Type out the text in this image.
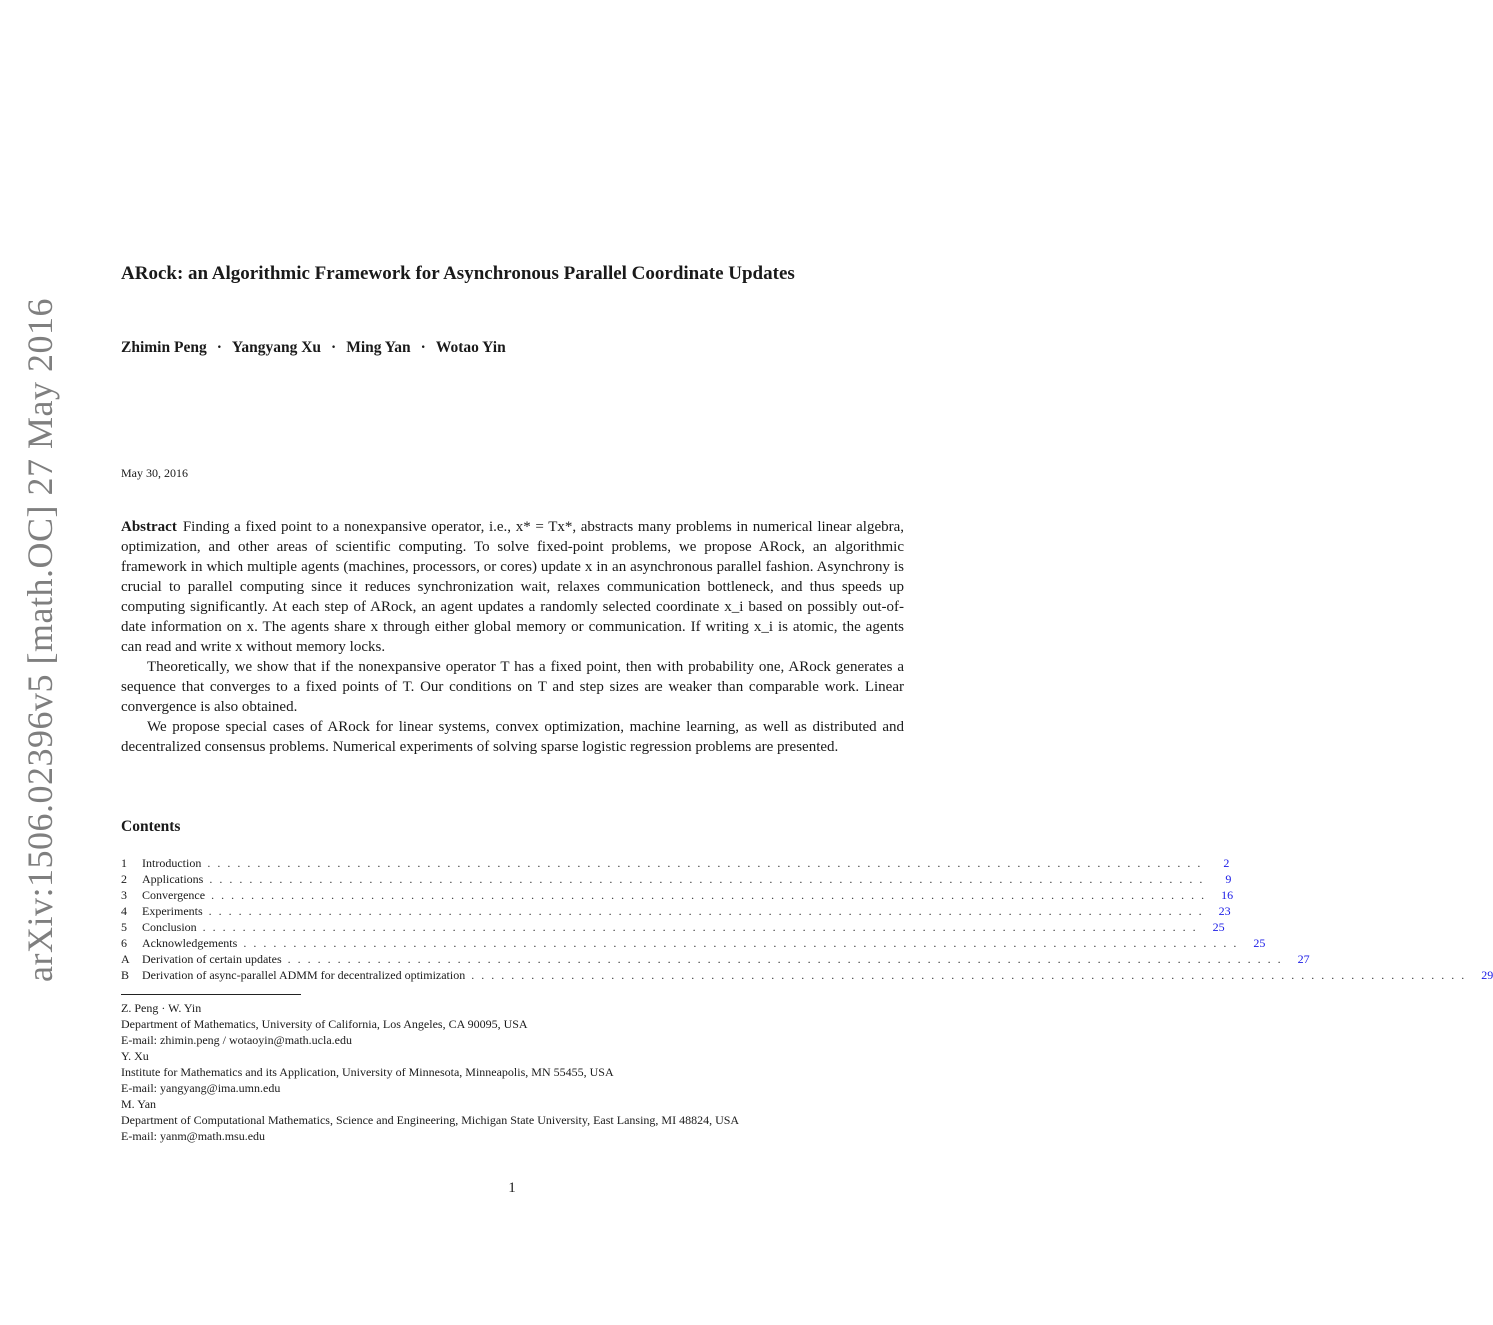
arXiv:1506.02396v5 [math.OC] 27 May 2016
ARock: an Algorithmic Framework for Asynchronous Parallel Coordinate Updates
Zhimin Peng · Yangyang Xu · Ming Yan · Wotao Yin
May 30, 2016

Abstract Finding a fixed point to a nonexpansive operator, i.e., x* = Tx*, abstracts many problems in numerical linear algebra, optimization, and other areas of scientific computing. To solve fixed-point problems, we propose ARock, an algorithmic framework in which multiple agents (machines, processors, or cores) update x in an asynchronous parallel fashion. Asynchrony is crucial to parallel computing since it reduces synchronization wait, relaxes communication bottleneck, and thus speeds up computing significantly. At each step of ARock, an agent updates a randomly selected coordinate x_i based on possibly out-of-date information on x. The agents share x through either global memory or communication. If writing x_i is atomic, the agents can read and write x without memory locks.

Theoretically, we show that if the nonexpansive operator T has a fixed point, then with probability one, ARock generates a sequence that converges to a fixed points of T. Our conditions on T and step sizes are weaker than comparable work. Linear convergence is also obtained.

We propose special cases of ARock for linear systems, convex optimization, machine learning, as well as distributed and decentralized consensus problems. Numerical experiments of solving sparse logistic regression problems are presented.

Contents
1	Introduction ....................................................................................................	2
2	Applications ....................................................................................................	9
3	Convergence .................................................................................................... 16
4	Experiments .................................................................................................... 23
5	Conclusion .................................................................................................... 25
6	Acknowledgements .................................................................................................... 25
A	Derivation of certain updates .................................................................................................... 27
B	Derivation of async-parallel ADMM for decentralized optimization .................................................................................................... 29
Z. Peng · W. Yin
Department of Mathematics, University of California, Los Angeles, CA 90095, USA
E-mail: zhimin.peng / wotaoyin@math.ucla.edu
Y. Xu
Institute for Mathematics and its Application, University of Minnesota, Minneapolis, MN 55455, USA
E-mail: yangyang@ima.umn.edu
M. Yan
Department of Computational Mathematics, Science and Engineering, Michigan State University, East Lansing, MI 48824, USA
E-mail: yanm@math.msu.edu
1
